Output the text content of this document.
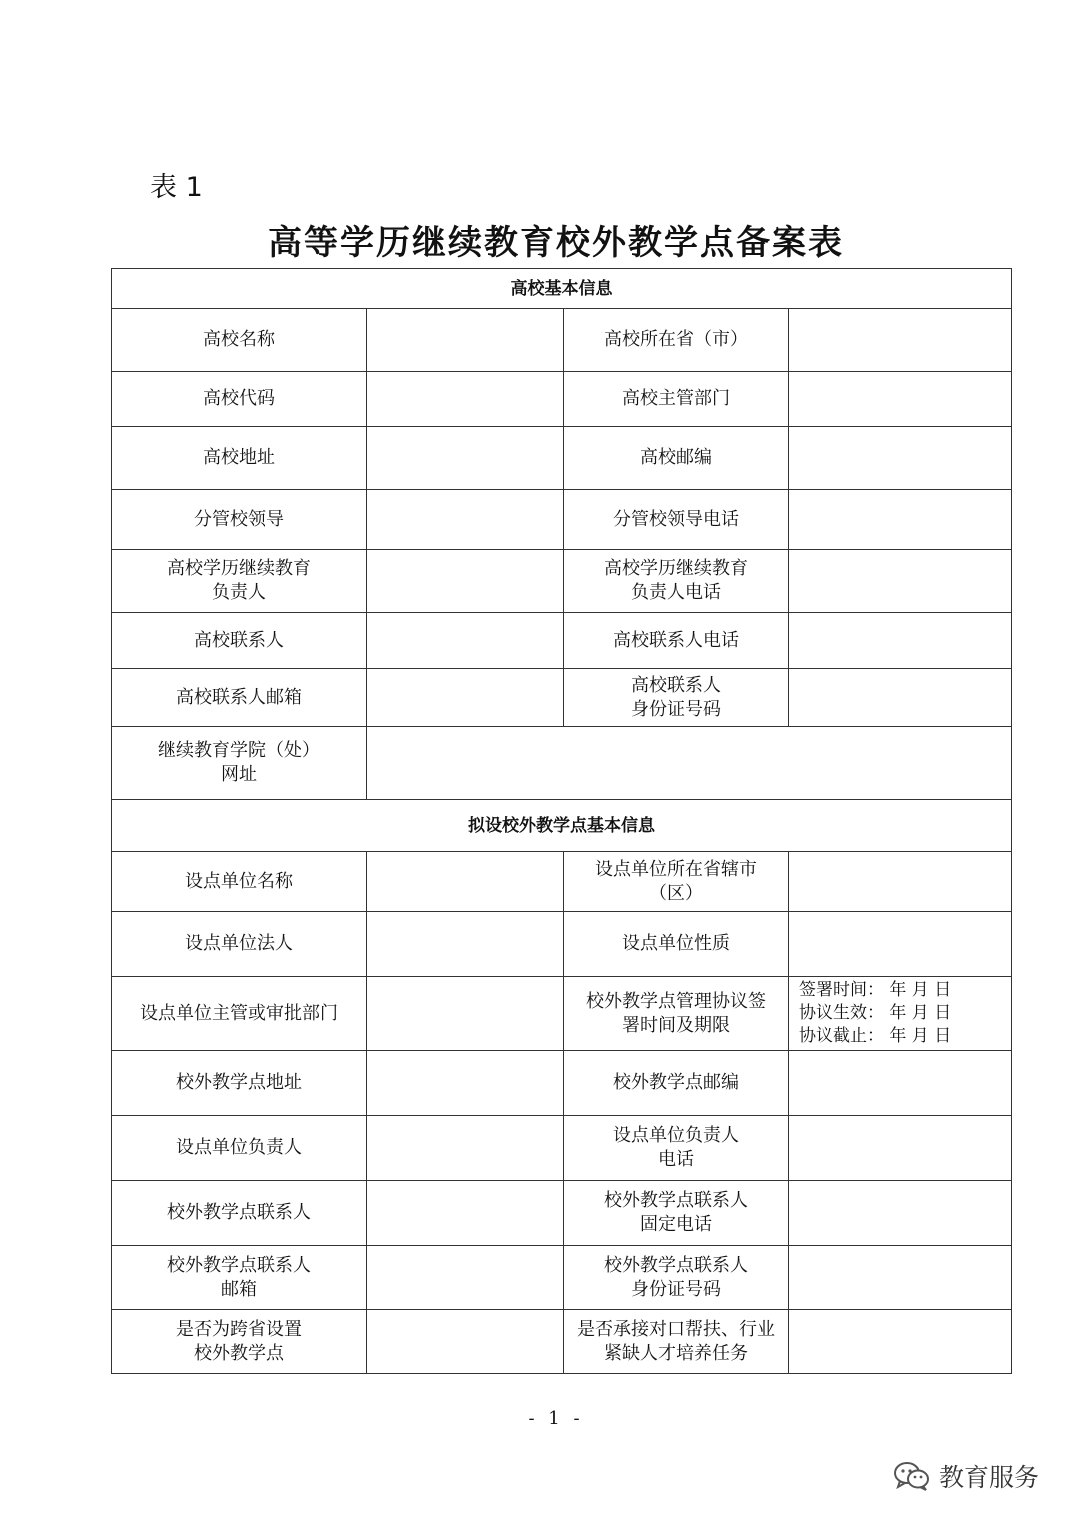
表 1
高等学历继续教育校外教学点备案表
高校基本信息			
高校名称		高校所在省（市）	
高校代码		高校主管部门	
高校地址		高校邮编	
分管校领导		分管校领导电话	

高校学历继续教育
负责人		高校学历继续教育
负责人电话	

高校联系人		高校联系人电话	
高校联系人邮箱		高校联系人
身份证号码	

继续教育学院（处）
网址			

拟设校外教学点基本信息			
设点单位名称		设点单位所在省辖市
（区）	

设点单位法人		设点单位性质	
设点单位主管或审批部门		校外教学点管理协议签
署时间及期限	签署时间： 年 月 日
协议生效： 年 月 日
协议截止： 年 月 日

校外教学点地址		校外教学点邮编	
设点单位负责人		设点单位负责人
电话	

校外教学点联系人		校外教学点联系人
固定电话	

校外教学点联系人
邮箱		校外教学点联系人
身份证号码	

是否为跨省设置
校外教学点		是否承接对口帮扶、行业
紧缺人才培养任务	

- 1 -
教育服务
